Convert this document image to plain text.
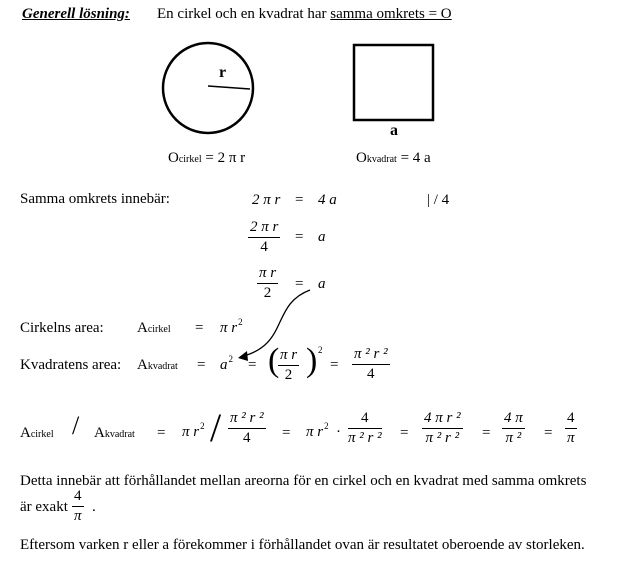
Generell lösning: En cirkel och en kvadrat har samma omkrets = O
r
a
Ocirkel = 2 π r	Okvadrat = 4 a
Samma omkrets innebär:	2 π r = 4 a	| / 4
$\frac{\text{2 π r}}{4} = a$
$\frac{\text{π r}}{2} = a$
Cirkelns area: Acirkel = π $r^2$
Kvadratens area: Akvadrat = $a^2$ = (
$\frac{\text{π r}}{2}$ ) 2
= $\frac{\text{π ² r ²}}{4}$
Acirkel / Akvadrat = π $r^2 / \frac{\text{π ² r ²}}{4} = \pi$ $r^2 \cdot \frac{4}{\text{π ² r ²}} = \frac{\text{4 π r ²}}{\text{π ² r ²}} = \frac{4 \pi}{\text{π ²}} = \frac{4}{\pi}$
Detta innebär att förhållandet mellan areorna för en cirkel och en kvadrat med samma omkrets
är exakt $\frac{4}{\pi}$ .
Eftersom varken r eller a förekommer i förhållandet ovan är resultatet oberoende av storleken.
